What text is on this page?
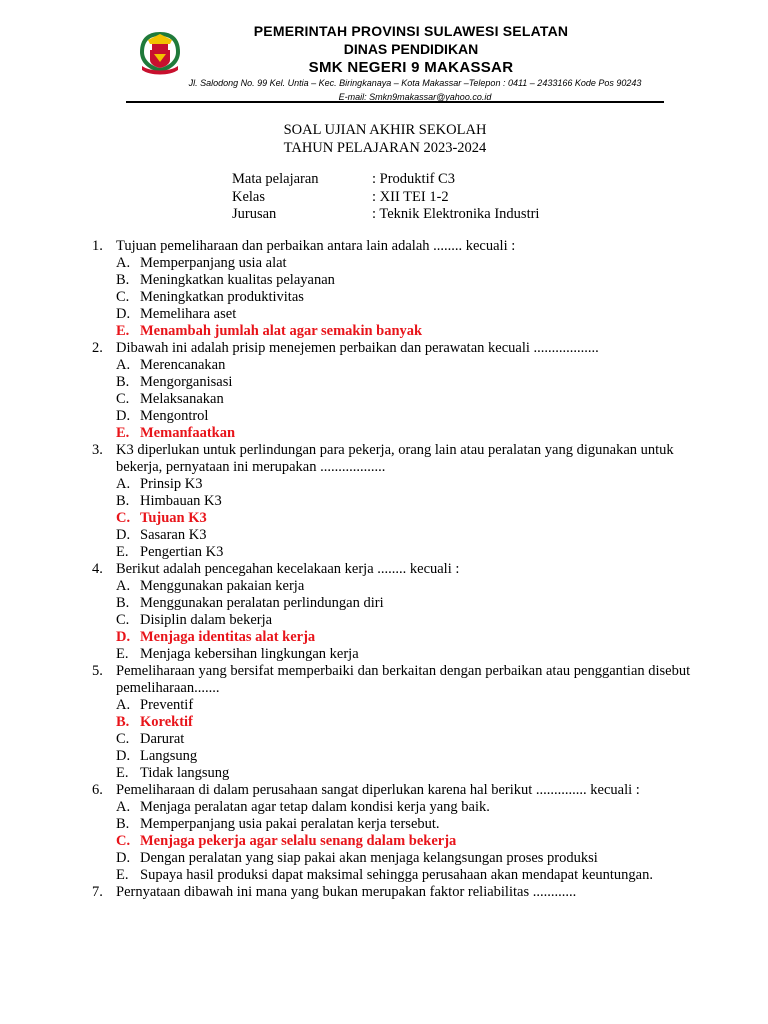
PEMERINTAH PROVINSI SULAWESI SELATAN
DINAS PENDIDIKAN
SMK NEGERI 9 MAKASSAR
Jl. Salodong No. 99 Kel. Untia – Kec. Biringkanaya – Kota Makassar –Telepon : 0411 – 2433166 Kode Pos 90243
E-mail: Smkn9makassar@yahoo.co.id
SOAL UJIAN AKHIR SEKOLAH
TAHUN PELAJARAN 2023-2024
Mata pelajaran	: Produktif C3
Kelas	: XII TEI 1-2
Jurusan	: Teknik Elektronika Industri
1. Tujuan pemeliharaan dan perbaikan antara lain adalah ........ kecuali :
A. Memperpanjang usia alat
B. Meningkatkan kualitas pelayanan
C. Meningkatkan produktivitas
D. Memelihara aset
E. Menambah jumlah alat agar semakin banyak
2. Dibawah ini adalah prisip menejemen perbaikan dan perawatan kecuali ..................
A. Merencanakan
B. Mengorganisasi
C. Melaksanakan
D. Mengontrol
E. Memanfaatkan
3. K3 diperlukan untuk perlindungan para pekerja, orang lain atau peralatan yang digunakan untuk bekerja, pernyataan ini merupakan ..................
A. Prinsip K3
B. Himbauan K3
C. Tujuan K3
D. Sasaran K3
E. Pengertian K3
4. Berikut adalah pencegahan kecelakaan kerja ........ kecuali :
A. Menggunakan pakaian kerja
B. Menggunakan peralatan perlindungan diri
C. Disiplin dalam bekerja
D. Menjaga identitas alat kerja
E. Menjaga kebersihan lingkungan kerja
5. Pemeliharaan yang bersifat memperbaiki dan berkaitan dengan perbaikan atau penggantian disebut pemeliharaan.......
A. Preventif
B. Korektif
C. Darurat
D. Langsung
E. Tidak langsung
6. Pemeliharaan di dalam perusahaan sangat diperlukan karena hal berikut .............. kecuali :
A. Menjaga peralatan agar tetap dalam kondisi kerja yang baik.
B. Memperpanjang usia pakai peralatan kerja tersebut.
C. Menjaga pekerja agar selalu senang dalam bekerja
D. Dengan peralatan yang siap pakai akan menjaga kelangsungan proses produksi
E. Supaya hasil produksi dapat maksimal sehingga perusahaan akan mendapat keuntungan.
7. Pernyataan dibawah ini mana yang bukan merupakan faktor reliabilitas ............
